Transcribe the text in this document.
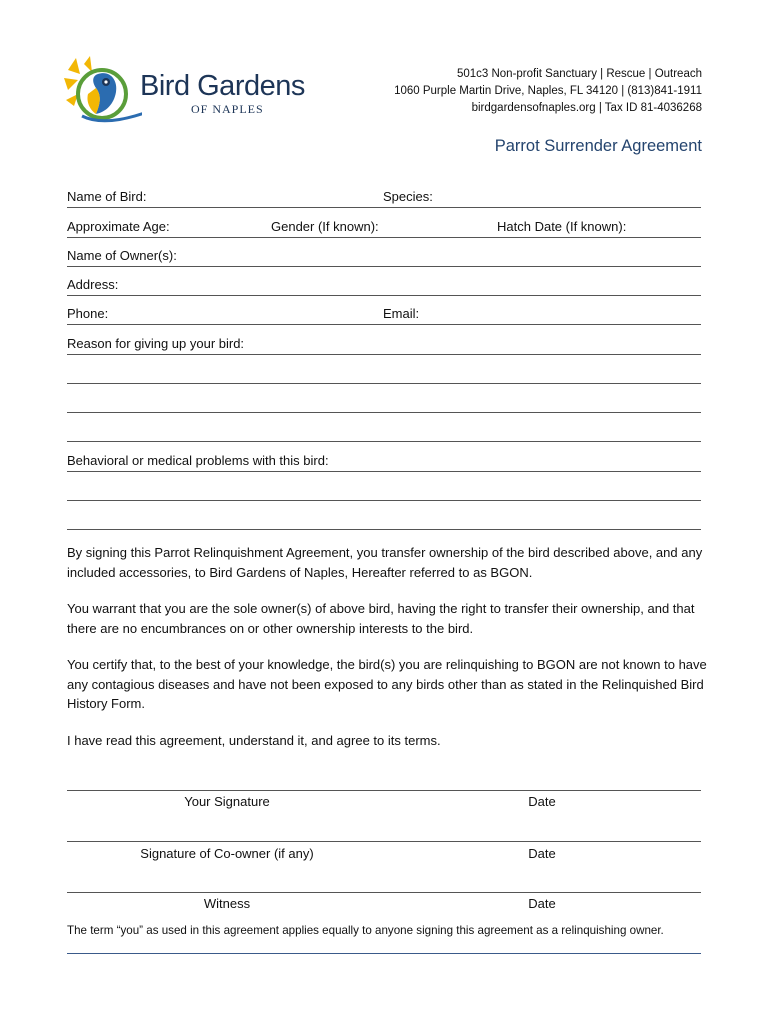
Bird Gardens
OF NAPLES
501c3 Non-profit Sanctuary | Rescue | Outreach
1060 Purple Martin Drive, Naples, FL 34120 | (813)841-1911
birdgardensofnaples.org | Tax ID 81-4036268
Parrot Surrender Agreement
Name of Bird:	Species:
Approximate Age:	Gender (If known):	Hatch Date (If known):
Name of Owner(s):
Address:
Phone:	Email:
Reason for giving up your bird:
Behavioral or medical problems with this bird:
By signing this Parrot Relinquishment Agreement, you transfer ownership of the bird described above, and any included accessories, to Bird Gardens of Naples, Hereafter referred to as BGON.
You warrant that you are the sole owner(s) of above bird, having the right to transfer their ownership, and that there are no encumbrances on or other ownership interests to the bird.
You certify that, to the best of your knowledge, the bird(s) you are relinquishing to BGON are not known to have any contagious diseases and have not been exposed to any birds other than as stated in the Relinquished Bird History Form.
I have read this agreement, understand it, and agree to its terms.
Your Signature	Date
Signature of Co-owner (if any)	Date
Witness	Date
The term “you” as used in this agreement applies equally to anyone signing this agreement as a relinquishing owner.
